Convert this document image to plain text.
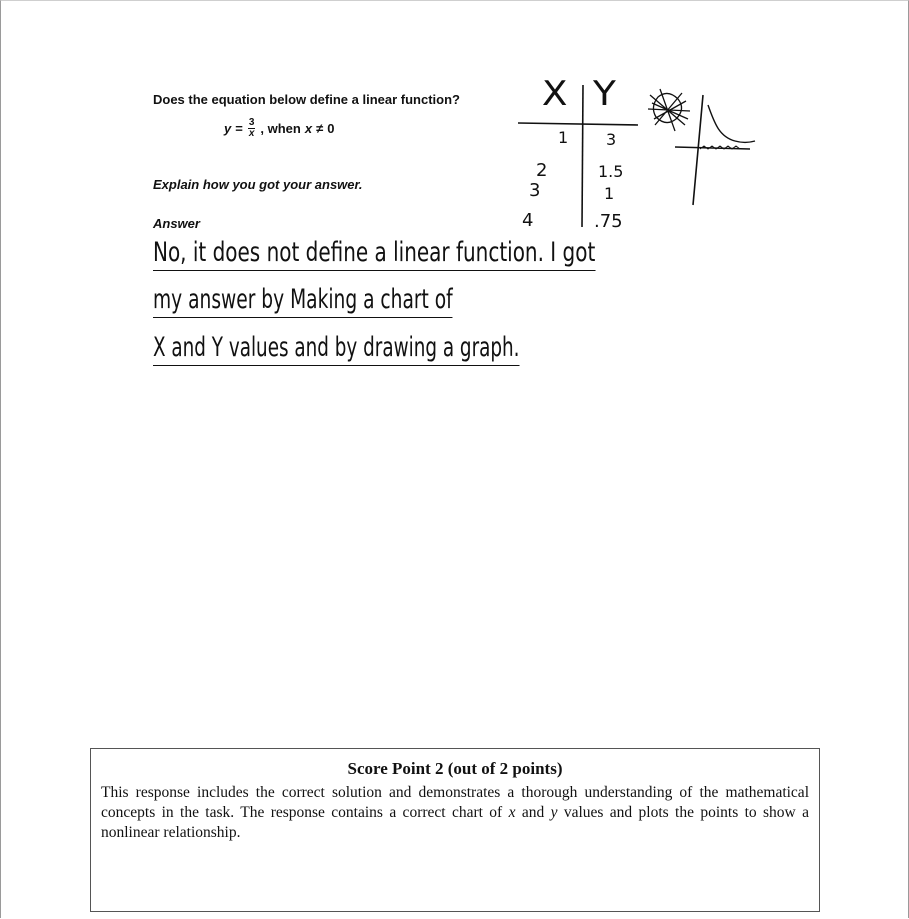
Does the equation below define a linear function?
$y = \frac{3}{x}$ , when x ≠ 0
Explain how you got your answer.
Answer
X Y
1 3
2	1.5
3	1
4	.75
No, it does not define a linear function. I got
my answer by Making a chart of
X and Y values and by drawing a graph.
Score Point 2 (out of 2 points)
This response includes the correct solution and demonstrates a thorough understanding of the mathematical concepts in the task. The response contains a correct chart of x and y values and plots the points to show a nonlinear relationship.
